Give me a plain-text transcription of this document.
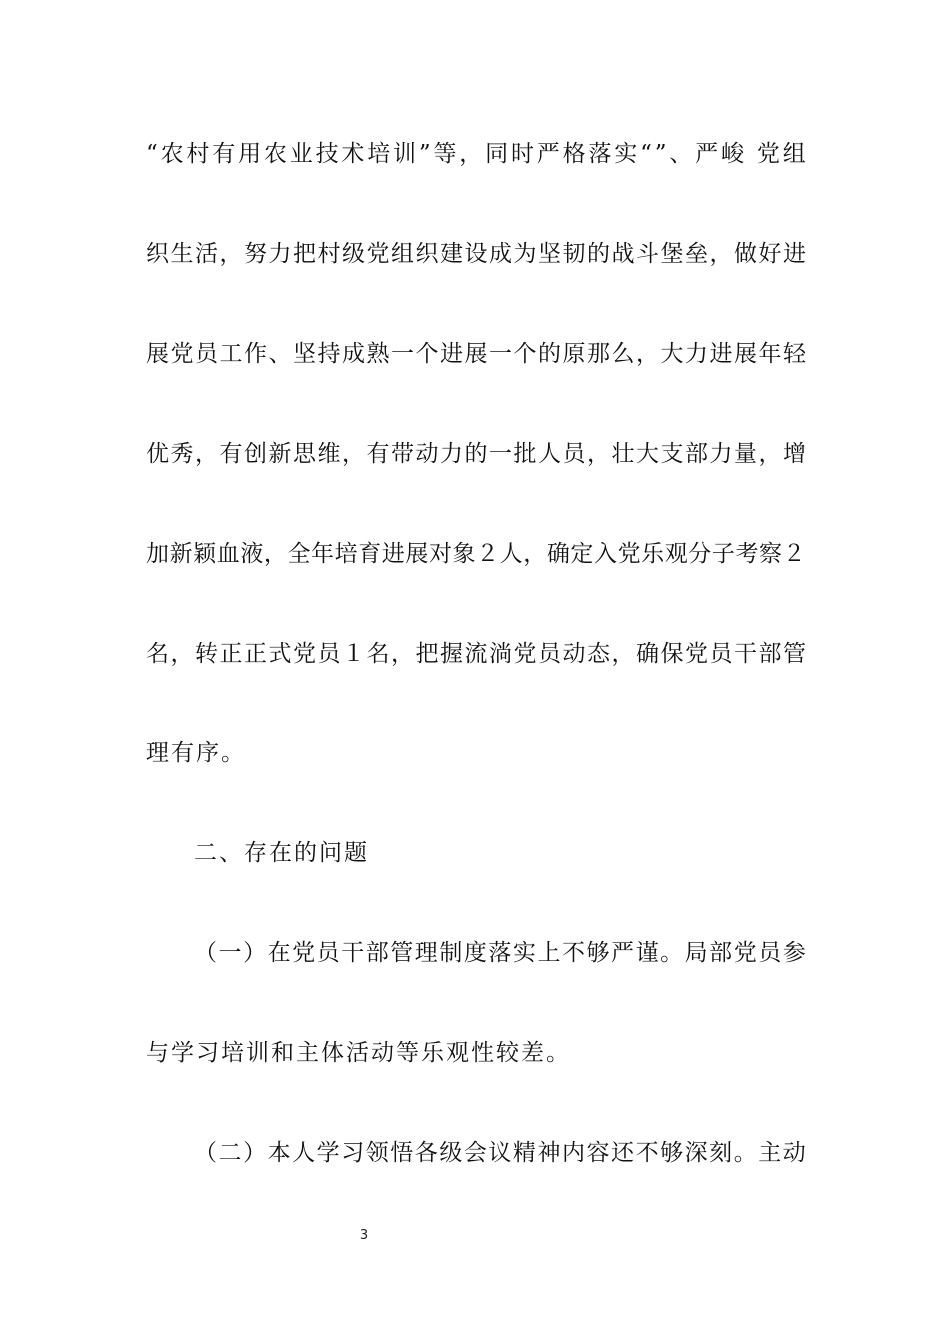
“ 农 村 有 用 农 业 技 术 培 训 ” 等 ， 同 时 严 格 落 实 “ ” 、 严 峻
党 组
织 生 活 ， 努 力 把 村 级 党 组 织 建 设 成 为 坚 韧 的 战 斗 堡 垒 ， 做 好 进
展 党 员 工 作 、 坚 持 成 熟 一 个 进 展 一 个 的 原 那 么 ， 大 力 进 展 年 轻
优 秀 ， 有 创 新 思 维 ， 有 带 动 力 的 一 批 人 员 ， 壮 大 支 部 力 量 ， 增
加 新 颖 血 液 ， 全 年 培 育 进 展 对 象 ２ 人 ， 确 定 入 党 乐 观 分 子 考 察 ２
名 ， 转 正 正 式 党 员 １ 名 ， 把 握 流 淌 党 员 动 态 ， 确 保 党 员 干 部 管
理有序。
二、存在的问题
（ 一 ） 在 党 员 干 部 管 理 制 度 落 实 上 不 够 严 谨 。 局 部 党 员 参
与学习培训和主体活动等乐观性较差。
（ 二 ） 本 人 学 习 领 悟 各 级 会 议 精 神 内 容 还 不 够 深 刻 。 主 动
3
